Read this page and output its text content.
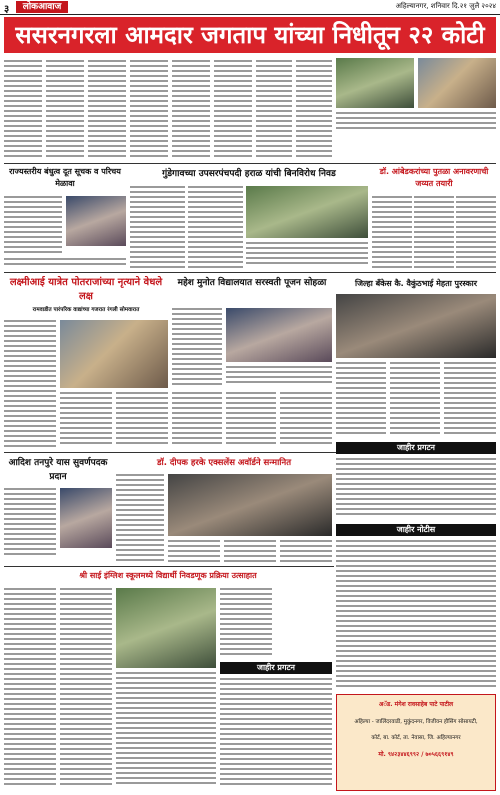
३	लोकआवाज	अहिल्यानगर, शनिवार दि.२१ जुलै २०२४
ससरनगरला आमदार जगताप यांच्या निधीतून २२ कोटी
राज्यस्तरीय बंधुत्व दूत सूचक व परिचय मेळावा
गुंडेगावच्या उपसरपंचपदी हराळ यांची बिनविरोध निवड	डॉ. आंबेडकरांच्या पुतळा अनावरणाची जय्यत तयारी
लक्ष्मीआई यात्रेत पोतराजांच्या नृत्याने वेधले लक्ष
रामवाडीत पारंपरिक वाद्यांच्या गजरात रंगली सोमवारात
महेश मुनोत विद्यालयात सरस्वती पूजन सोहळा	जिल्हा बँकेस कै. वैकुंठभाई मेहता पुरस्कार
जाहीर प्रगटन
आदिश तनपुरे यास सुवर्णपदक प्रदान
डॉ. दीपक हरके एक्सलेंस अवॉर्डने सन्मानित
जाहीर नोटीस
श्री साई इंग्लिश स्कूलमध्ये विद्यार्थी निवडणूक प्रक्रिया उत्साहात
जाहीर प्रगटन
अॅड. मंगेश रावसाहेब पाटे पाटील
अहिल्या - जालिंदरवाडी, मुकुंदनगर, विजीवन हौसिंग सोसायटी,
कोर्ट, बा. कोर्ट, ता. नेवासा, जि. अहिल्यानगर
मो. ९४२३४४६९९२ / ७०५६६९१४९
